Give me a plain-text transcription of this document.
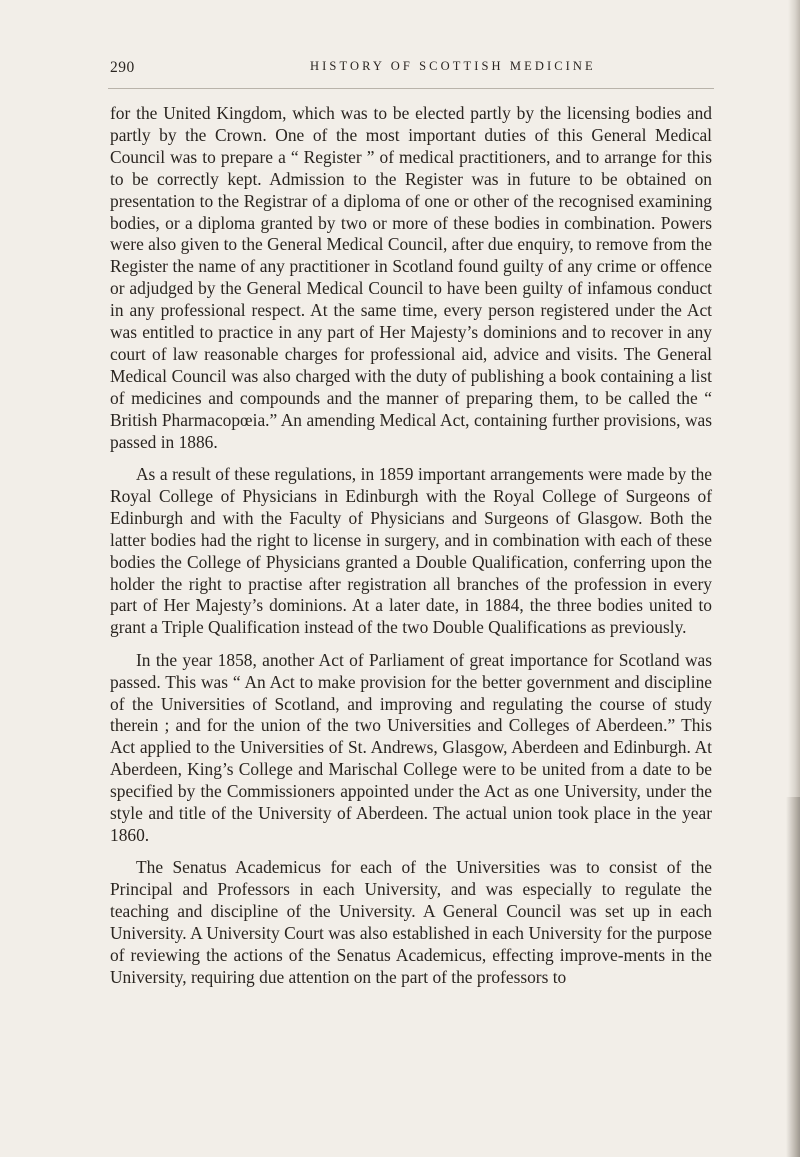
290	HISTORY OF SCOTTISH MEDICINE

for the United Kingdom, which was to be elected partly by the licensing bodies and partly by the Crown. One of the most important duties of this General Medical Council was to prepare a “ Register ” of medical practitioners, and to arrange for this to be correctly kept. Admission to the Register was in future to be obtained on presentation to the Registrar of a diploma of one or other of the recognised examining bodies, or a diploma granted by two or more of these bodies in combination. Powers were also given to the General Medical Council, after due enquiry, to remove from the Register the name of any practitioner in Scotland found guilty of any crime or offence or adjudged by the General Medical Council to have been guilty of infamous conduct in any professional respect. At the same time, every person registered under the Act was entitled to practice in any part of Her Majesty’s dominions and to recover in any court of law reasonable charges for professional aid, advice and visits. The General Medical Council was also charged with the duty of publishing a book containing a list of medicines and compounds and the manner of preparing them, to be called the “ British Pharmacopœia.” An amending Medical Act, containing further provisions, was passed in 1886.

As a result of these regulations, in 1859 important arrangements were made by the Royal College of Physicians in Edinburgh with the Royal College of Surgeons of Edinburgh and with the Faculty of Physicians and Surgeons of Glasgow. Both the latter bodies had the right to license in surgery, and in combination with each of these bodies the College of Physicians granted a Double Qualification, conferring upon the holder the right to practise after registration all branches of the profession in every part of Her Majesty’s dominions. At a later date, in 1884, the three bodies united to grant a Triple Qualification instead of the two Double Qualifications as previously.

In the year 1858, another Act of Parliament of great importance for Scotland was passed. This was “ An Act to make provision for the better government and discipline of the Universities of Scotland, and improving and regulating the course of study therein ; and for the union of the two Universities and Colleges of Aberdeen.” This Act applied to the Universities of St. Andrews, Glasgow, Aberdeen and Edinburgh. At Aberdeen, King’s College and Marischal College were to be united from a date to be specified by the Commissioners appointed under the Act as one University, under the style and title of the University of Aberdeen. The actual union took place in the year 1860.

The Senatus Academicus for each of the Universities was to consist of the Principal and Professors in each University, and was especially to regulate the teaching and discipline of the University. A General Council was set up in each University. A University Court was also established in each University for the purpose of reviewing the actions of the Senatus Academicus, effecting improve-ments in the University, requiring due attention on the part of the professors to
